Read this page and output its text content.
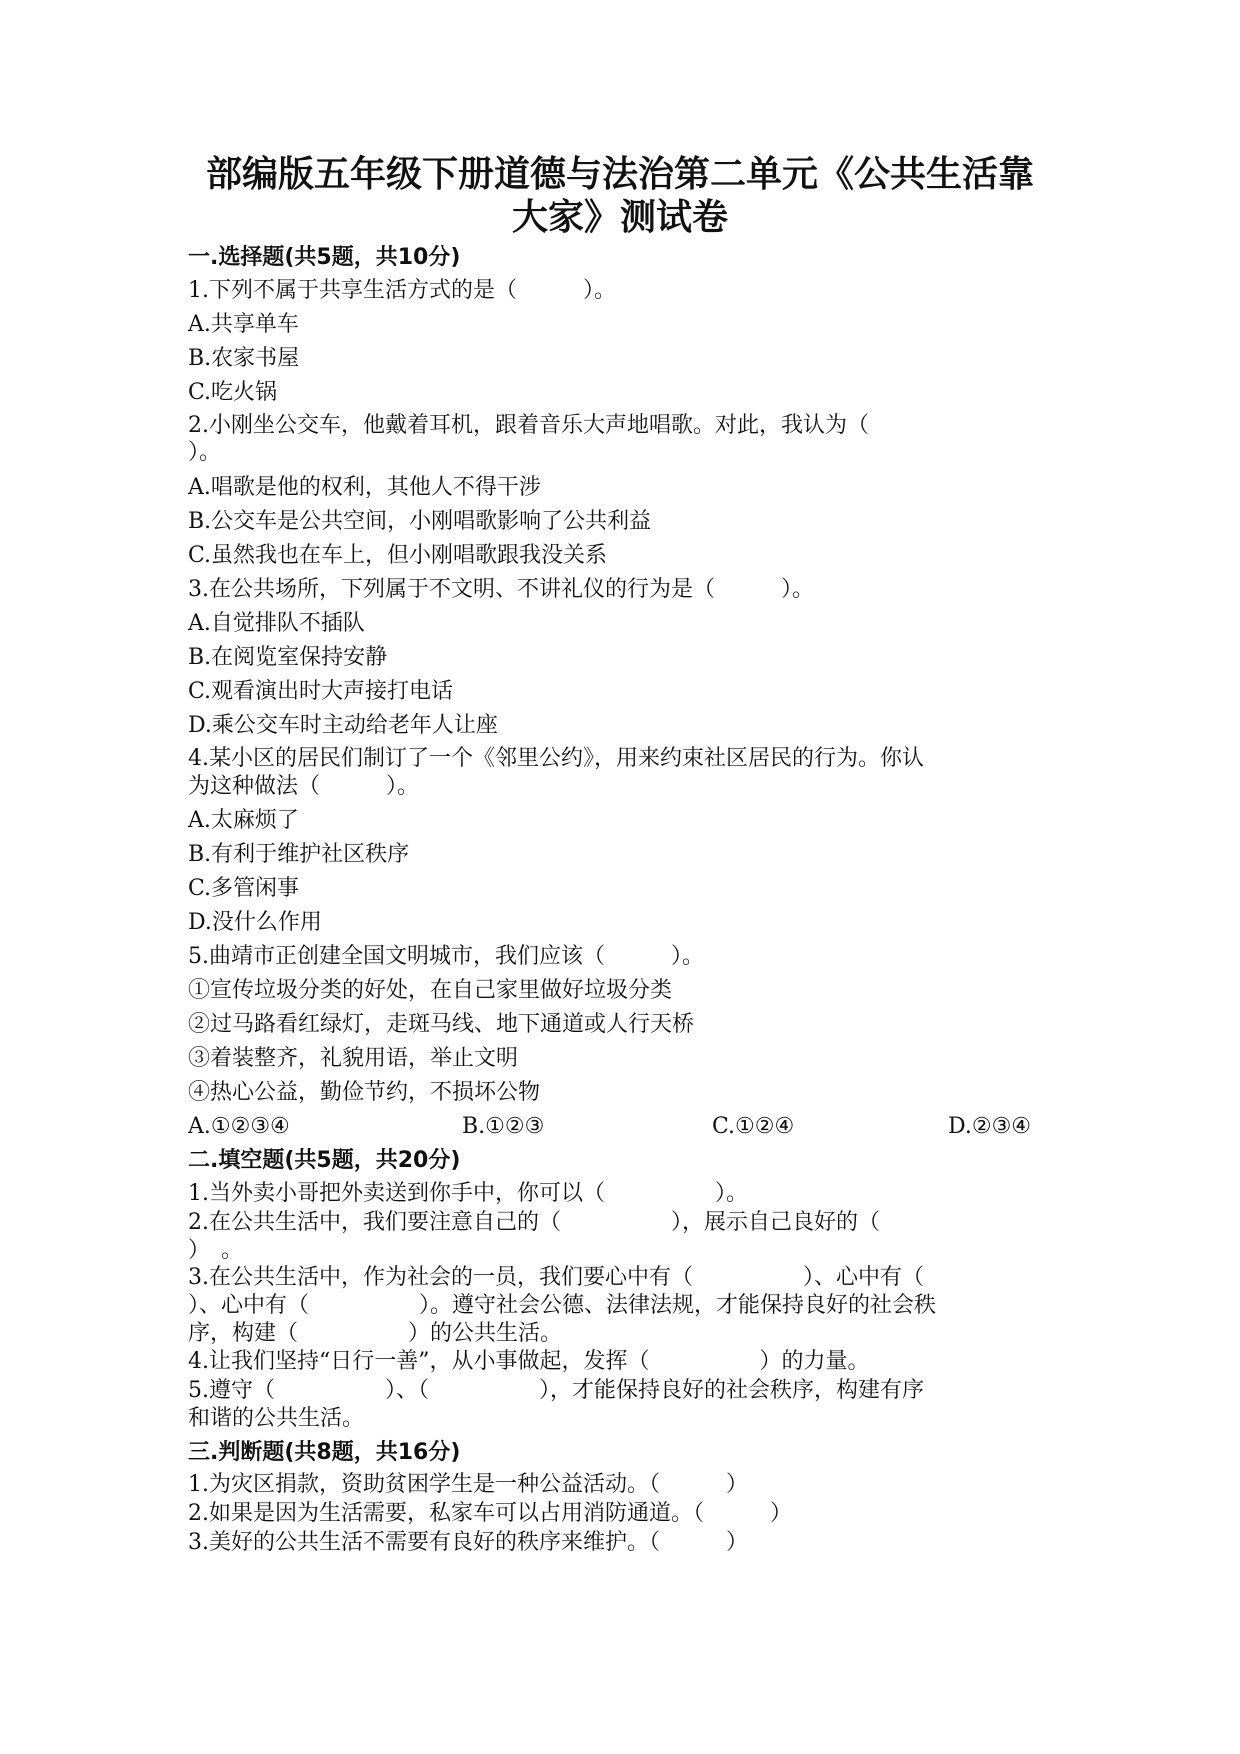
部编版五年级下册道德与法治第二单元《公共生活靠
大家》测试卷
一.选择题(共5题，共10分)
1.下列不属于共享生活方式的是（　　　）。
A.共享单车
B.农家书屋
C.吃火锅
2.小刚坐公交车，他戴着耳机，跟着音乐大声地唱歌。对此，我认为（
）。
A.唱歌是他的权利，其他人不得干涉
B.公交车是公共空间，小刚唱歌影响了公共利益
C.虽然我也在车上，但小刚唱歌跟我没关系
3.在公共场所，下列属于不文明、不讲礼仪的行为是（　　　）。
A.自觉排队不插队
B.在阅览室保持安静
C.观看演出时大声接打电话
D.乘公交车时主动给老年人让座
4.某小区的居民们制订了一个《邻里公约》，用来约束社区居民的行为。你认
为这种做法（　　　）。
A.太麻烦了
B.有利于维护社区秩序
C.多管闲事
D.没什么作用
5.曲靖市正创建全国文明城市，我们应该（　　　）。
①宣传垃圾分类的好处，在自己家里做好垃圾分类
②过马路看红绿灯，走斑马线、地下通道或人行天桥
③着装整齐，礼貌用语，举止文明
④热心公益，勤俭节约，不损坏公物
A.①②③④	B.①②③	C.①②④	D.②③④
二.填空题(共5题，共20分)
1.当外卖小哥把外卖送到你手中，你可以（　　　　　）。
2.在公共生活中，我们要注意自己的（　　　　　），展示自己良好的（
）　。
3.在公共生活中，作为社会的一员，我们要心中有（　　　　　）、心中有（
）、心中有（　　　　　）。遵守社会公德、法律法规，才能保持良好的社会秩
序，构建（　　　　　）的公共生活。
4.让我们坚持“日行一善”，从小事做起，发挥（　　　　　）的力量。
5.遵守（　　　　　）、（　　　　　），才能保持良好的社会秩序，构建有序
和谐的公共生活。
三.判断题(共8题，共16分)
1.为灾区捐款，资助贫困学生是一种公益活动。（　　　）
2.如果是因为生活需要，私家车可以占用消防通道。（　　　）
3.美好的公共生活不需要有良好的秩序来维护。（　　　）
